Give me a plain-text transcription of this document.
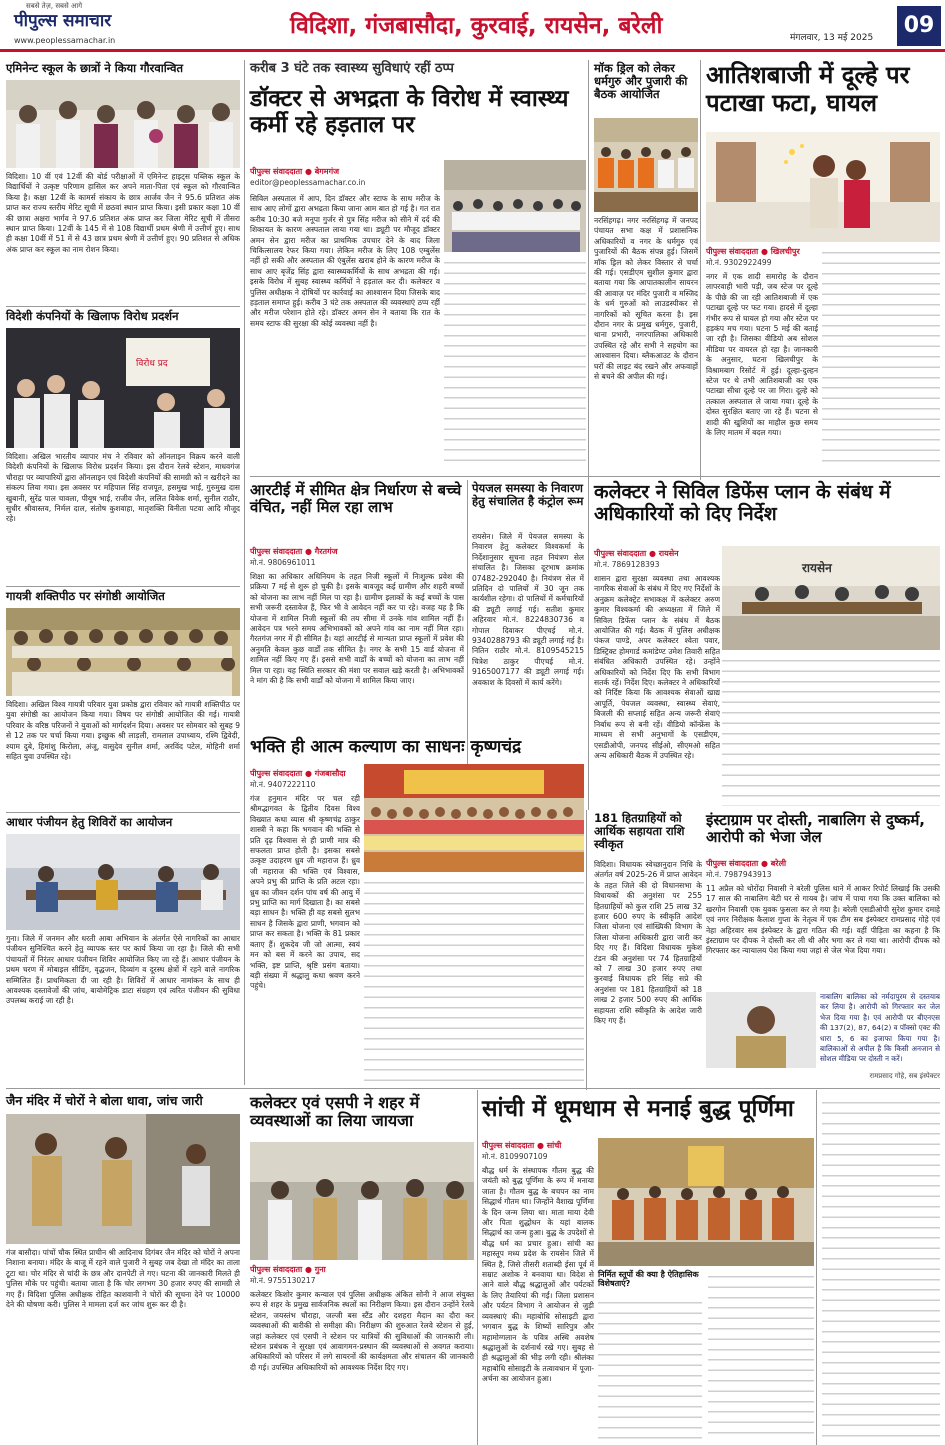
पीपुल्स समाचार
सबसे तेज़, सबसे आगे
www.peoplessamachar.in
विदिशा, गंजबासौदा, कुरवाई, रायसेन, बरेली	मंगलवार, 13 मई 2025	09
एमिनेन्ट स्कूल के छात्रों ने किया गौरवान्वित
विदिशा। 10 वीं एवं 12वीं की बोर्ड परीक्षाओं में एमिनेन्ट हाइट्स पब्लिक स्कूल के विद्यार्थियों ने उत्कृष्ट परिणाम हासिल कर अपने माता-पिता एवं स्कूल को गौरवान्वित किया है। कक्षा 12वीं के कामर्स संकाय के छात्र आर्जव जैन ने 95.6 प्रतिशत अंक प्राप्त कर राज्य स्तरीय मेरिट सूची में छठवां स्थान प्राप्त किया। इसी प्रकार कक्षा 10 वीं की छात्रा अक्षरा भार्गव ने 97.6 प्रतिशत अंक प्राप्त कर जिला मेरिट सूची में तीसरा स्थान प्राप्त किया। 12वीं के 145 में से 108 विद्यार्थी प्रथम श्रेणी में उत्तीर्ण हुए। साथ ही कक्षा 10वीं में 51 में से 43 छात्र प्रथम श्रेणी में उत्तीर्ण हुए। 90 प्रतिशत से अधिक अंक प्राप्त कर स्कूल का नाम रोशन किया।
विदेशी कंपनियों के खिलाफ विरोध प्रदर्शन
विरोध प्रद
विदिशा। अखिल भारतीय व्यापार मंच ने रविवार को ऑनलाइन विक्रय करने वाली विदेशी कंपनियों के खिलाफ विरोध प्रदर्शन किया। इस दौरान रेलवे स्टेशन, माधवगंज चौराहा पर व्यापारियों द्वारा ऑनलाइन एवं विदेशी कंपनियों की सामग्री को न खरीदने का संकल्प लिया गया। इस अवसर पर महिपाल सिंह राजपूत, हसमुख भाई, गुरुमुख दास खुबानी, सुरेंद्र पाल चावला, पीयूष भाई, राजीव जैन, ललित विवेक शर्मा, सुनील राठौर, सुधीर श्रीवास्तव, निर्मल दाल, संतोष कुशवाहा, मातृशक्ति विनीता पटवा आदि मौजूद रहे।
गायत्री शक्तिपीठ पर संगोष्ठी आयोजित
विदिशा। अखिल विश्व गायत्री परिवार युवा प्रकोष्ठ द्वारा रविवार को गायत्री शक्तिपीठ पर युवा संगोष्ठी का आयोजन किया गया। विषय पर संगोष्ठी आयोजित की गई। गायत्री परिवार के वरिष्ठ परिजनों ने युवाओं को मार्गदर्शन दिया। अवसर पर सोमवार को सुबह 9 से 12 तक पर चर्चा किया गया। इच्छुक श्री लाड़ली, रामलाल उपाध्याय, रश्मि द्विवेदी, श्याम दुबे, हिमांशु किरोला, अंजू, वासुदेव सुनील शर्मा, अरविंद पटेल, मोहिनी शर्मा सहित युवा उपस्थित रहे।
आधार पंजीयन हेतु शिविरों का आयोजन
गुना। जिले में जनमन और धरती आबा अभियान के अंतर्गत ऐसे नागरिकों का आधार पंजीयन सुनिश्चित करने हेतु व्यापक स्तर पर कार्य किया जा रहा है। जिले की सभी पंचायतों में निरंतर आधार पंजीयन शिविर आयोजित किए जा रहे हैं। आधार पंजीयन के प्रथम चरण में मोबाइल सीडिंग, वृद्धजन, दिव्यांग व दूरस्थ क्षेत्रों में रहने वाले नागरिक सम्मिलित हैं। प्राथमिकता दी जा रही है। शिविरों में आधार नामांकन के साथ ही आवश्यक दस्तावेजों की जांच, बायोमेट्रिक डाटा संग्रहण एवं त्वरित पंजीयन की सुविधा उपलब्ध कराई जा रही है।
करीब 3 घंटे तक स्वास्थ्य सुविधाएं रहीं ठप्प
डॉक्टर से अभद्रता के विरोध में स्वास्थ्य कर्मी रहे हड़ताल पर
पीपुल्स संवाददाता ● बेगमगंज
editor@peoplessamachar.co.in
सिविल अस्पताल में आप, दिन डॉक्टर और स्टाफ के साथ मरीज के साथ आए लोगों द्वारा अभद्रता किया जाना आम बात हो गई है। गत रात करीब 10:30 बजे मनूपा गुर्जर से पुत्र सिंह मरीज को सीने में दर्द की शिकायत के कारण अस्पताल लाया गया था। ड्यूटी पर मौजूद डॉक्टर अमन सेन द्वारा मरीज का प्राथमिक उपचार देने के बाद जिला चिकित्सालय रेफर किया गया। लेकिन मरीज के लिए 108 एम्बुलेंस नहीं हो सकी और अस्पताल की एंबुलेंस खराब होने के कारण मरीज के साथ आए बृजेंद्र सिंह द्वारा स्वास्थ्यकर्मियों के साथ अभद्रता की गई। इसके विरोध में सुबह स्वास्थ्य कर्मियों ने हड़ताल कर दी। कलेक्टर व पुलिस अधीक्षक ने दोषियों पर कार्रवाई का आश्वासन दिया जिसके बाद हड़ताल समाप्त हुई। करीब 3 घंटे तक अस्पताल की व्यवस्थाएं ठप्प रहीं और मरीज परेशान होते रहे। डॉक्टर अमन सेन ने बताया कि रात के समय स्टाफ की सुरक्षा की कोई व्यवस्था नहीं है।
मॉक ड्रिल को लेकर धर्मगुरु और पुजारी की बैठक आयोजित
नरसिंहगढ़। नगर नरसिंहगढ़ में जनपद पंचायत सभा कक्ष में प्रशासनिक अधिकारियों व नगर के धर्मगुरु एवं पुजारियों की बैठक संपन्न हुई। जिसमें मॉक ड्रिल को लेकर विस्तार से चर्चा की गई। एसडीएम सुशील कुमार द्वारा बताया गया कि आपातकालीन सायरन की आवाज़ पर मंदिर पुजारी व मस्जिद के धर्म गुरुओं को लाउडस्पीकर से नागरिकों को सूचित करना है। इस दौरान नगर के प्रमुख धर्मगुरु, पुजारी, थाना प्रभारी, नगरपालिका अधिकारी उपस्थित रहे और सभी ने सहयोग का आश्वासन दिया। ब्लैकआउट के दौरान घरों की लाइट बंद रखने और अफवाहों से बचने की अपील की गई।
आतिशबाजी में दूल्हे पर पटाखा फटा, घायल
पीपुल्स संवाददाता ● खिलचीपुर
मो.नं. 9302922499
नगर में एक शादी समारोह के दौरान लापरवाही भारी पड़ी, जब स्टेज पर दूल्हे के पीछे की जा रही आतिशबाजी में एक पटाखा दूल्हे पर फट गया। हादसे में दूल्हा गंभीर रूप से घायल हो गया और स्टेज पर हड़कंप मच गया। घटना 5 मई की बताई जा रही है। जिसका वीडियो अब सोशल मीडिया पर वायरल हो रहा है। जानकारी के अनुसार, घटना खिलचीपुर के विश्रामबाग रिसोर्ट में हुई। दूल्हा-दुल्हन स्टेज पर थे तभी आतिशबाजी का एक पटाखा सीधा दूल्हे पर जा गिरा। दूल्हे को तत्काल अस्पताल ले जाया गया। दूल्हे के दोस्त सुरक्षित बताए जा रहे हैं। घटना से शादी की खुशियों का माहौल कुछ समय के लिए मातम में बदल गया।
आरटीई में सीमित क्षेत्र निर्धारण से बच्चे वंचित, नहीं मिल रहा लाभ
पीपुल्स संवाददाता ● गैरतगंज
मो.नं. 9806961011
शिक्षा का अधिकार अधिनियम के तहत निजी स्कूलों में निःशुल्क प्रवेश की प्रक्रिया 7 मई से शुरू हो चुकी है। इसके बावजूद कई ग्रामीण और शहरी बच्चों को योजना का लाभ नहीं मिल पा रहा है। ग्रामीण इलाकों के कई बच्चों के पास सभी जरूरी दस्तावेज हैं, फिर भी वे आवेदन नहीं कर पा रहे। वजह यह है कि योजना में शामिल निजी स्कूलों की तय सीमा में उनके गांव शामिल नहीं हैं। आवेदन पत्र भरने समय अभिभावकों को अपने गांव का नाम नहीं मिल रहा। गैरतगंज नगर में ही सीमित है। यहां आरटीई से मान्यता प्राप्त स्कूलों में प्रवेश की अनुमति केवल कुछ वार्डों तक सीमित है। नगर के सभी 15 वार्ड योजना में शामिल नहीं किए गए हैं। इससे सभी वार्डों के बच्चों को योजना का लाभ नहीं मिल पा रहा। यह स्थिति सरकार की मंशा पर सवाल खड़े करती है। अभिभावकों ने मांग की है कि सभी वार्डों को योजना में शामिल किया जाए।
पेयजल समस्या के निवारण हेतु संचालित है कंट्रोल रूम
रायसेन। जिले में पेयजल समस्या के निवारण हेतु कलेक्टर विश्वकर्मा के निर्देशानुसार सूचना तहत नियंत्रण सेल संचालित है। जिसका दूरभाष क्रमांक 07482-292040 है। नियंत्रण सेल में प्रतिदिन दो पालियों में 30 जून तक कार्यशील रहेगा। दो पालियों में कर्मचारियों की ड्यूटी लगाई गई। सतीश कुमार अहिरवार मो.नं. 8224830736 व गोपाल दिवाकर पीएचई मो.नं. 9340288793 की ड्यूटी लगाई गई है। नितिन राठौर मो.नं. 8109545215 चित्रेश ठाकुर पीएचई मो.नं. 9165007177 की ड्यूटी लगाई गई। अवकाश के दिवसों में कार्य करेंगे।
कलेक्टर ने सिविल डिफेंस प्लान के संबंध में अधिकारियों को दिए निर्देश
पीपुल्स संवाददाता ● रायसेन
मो.नं. 7869128393	रायसेन
शासन द्वारा सुरक्षा व्यवस्था तथा आवश्यक नागरिक सेवाओं के संबंध में दिए गए निर्देशों के अनुक्रम कलेक्ट्रेट सभाकक्ष में कलेक्टर अरुण कुमार विश्वकर्मा की अध्यक्षता में जिले में सिविल डिफेंस प्लान के संबंध में बैठक आयोजित की गई। बैठक में पुलिस अधीक्षक पंकज पाण्डे, अपर कलेक्टर श्वेता पवार, डिस्ट्रिक्ट होमगार्ड कमांडेण्ट उमेश तिवारी सहित संबंधित अधिकारी उपस्थित रहे। उन्होंने अधिकारियों को निर्देश दिए कि सभी विभाग सतर्क रहें। निर्देश दिए। कलेक्टर ने अधिकारियों को निर्दिष्ट किया कि आवश्यक सेवाओं खाद्य आपूर्ति, पेयजल व्यवस्था, स्वास्थ्य सेवाएं, बिजली की सप्लाई सहित अन्य जरूरी सेवाएं निर्बाध रूप से बनी रहें। वीडियो कॉन्फ्रेंस के माध्यम से सभी अनुभागों के एसडीएम, एसडीओपी, जनपद सीईओ, सीएमओ सहित अन्य अधिकारी बैठक में उपस्थित रहे।
भक्ति ही आत्म कल्याण का साधनः कृष्णचंद्र
पीपुल्स संवाददाता ● गंजबासौदा
मो.नं. 9407222110
गंज हनुमान मंदिर पर चल रही श्रीमद्भागवत के द्वितीय दिवस विश्व विख्यात कथा व्यास श्री कृष्णचंद्र ठाकुर शास्त्री ने कहा कि भगवान की भक्ति से प्रति दृढ़ विश्वास से ही प्राणी मात्र की सफलता प्राप्त होती है। इसका सबसे उत्कृष्ट उदाहरण ध्रुव जी महाराज हैं। ध्रुव जी महाराज की भक्ति एवं विश्वास, अपने प्रभु की प्राप्ति के प्रति अटल रहा। ध्रुव का जीवन दर्शन पांच वर्ष की आयु में प्रभु प्राप्ति का मार्ग दिखाता है। का सबसे बड़ा साधन है। भक्ति ही वह सबसे सुलभ साधन है जिसके द्वारा प्राणी, भगवान को प्राप्त कर सकता है। भक्ति के 81 प्रकार बताए हैं। शुकदेव जी जो आत्मा, स्वयं मन को बस में करने का उपाय, सद भक्ति, इष्ट प्राप्ति, श्रृष्टि प्रसंग बताया। बड़ी संख्या में श्रद्धालु कथा श्रवण करने पहुंचे।
181 हितग्राहियों को आर्थिक सहायता राशि स्वीकृत
विदिशा। विधायक स्वेच्छानुदान निधि के अंतर्गत वर्ष 2025-26 में प्राप्त आवेदन के तहत जिले की दो विधानसभा के विधायकों की अनुशंसा पर 255 हितग्राहियों को कुल राशि 25 लाख 32 हजार 600 रुपए के स्वीकृति आदेश जिला योजना एवं सांख्यिकी विभाग के जिला योजना अधिकारी द्वारा जारी कर दिए गए हैं। विदिशा विधायक मुकेश टंडन की अनुशंसा पर 74 हितग्राहियों को 7 लाख 30 हजार रुपए तथा कुरवाई विधायक हरि सिंह सप्रे की अनुशंसा पर 181 हितग्राहियों को 18 लाख 2 हजार 500 रुपए की आर्थिक सहायता राशि स्वीकृति के आदेश जारी किए गए हैं।
इंस्टाग्राम पर दोस्ती, नाबालिग से दुष्कर्म, आरोपी को भेजा जेल
पीपुल्स संवाददाता ● बरेली
मो.नं. 7987943913
11 अप्रैल को थोरोंदा निवासी ने बरेली पुलिस थाने में आकर रिपोर्ट लिखाई कि उसकी 17 साल की नाबालिग बेटी घर से गायब है। जांच में पाया गया कि उक्त बालिका को खरगोन निवासी एक युवक फुसला कर ले गया है। बरेली एसडीओपी सुरेश कुमार दमाहे एवं नगर निरीक्षक कैलाश गुप्ता के नेतृत्व में एक टीम सब इंस्पेक्टर रामप्रसाद गोहे एवं नेहा अहिरवार सब इंस्पेक्टर के द्वारा गठित की गई। वहीं पीड़िता का कहना है कि इंस्टाग्राम पर दीपक ने दोस्ती कर ली थी और भगा कर ले गया था। आरोपी दीपक को गिरफ्तार कर न्यायालय पेश किया गया जहां से जेल भेज दिया गया।
नाबालिग बालिका को नर्मदापुरम से दस्तयाब कर लिया है। आरोपी को गिरफ्तार कर जेल भेज दिया गया है। एवं आरोपी पर बीएनएस की 137(2), 87, 64(2) व पॉक्सो एक्ट की धारा 5, 6 का इजाफा किया गया है। बालिकाओं से अपील है कि किसी अनजान से सोशल मीडिया पर दोस्ती न करें।
रामप्रसाद गोहे, सब इंस्पेक्टर
जैन मंदिर में चोरों ने बोला धावा, जांच जारी
गंज बासौदा। पांचों चौक स्थित प्राचीन श्री आदिनाथ दिगंबर जैन मंदिर को चोरों ने अपना निशाना बनाया। मंदिर के बाजू में रहने वाले पुजारी ने सुबह जब देखा तो मंदिर का ताला टूटा था। चोर मंदिर से चांदी के छत्र और दानपेटी ले गए। घटना की जानकारी मिलते ही पुलिस मौके पर पहुंची। बताया जाता है कि चोर लगभग 30 हजार रुपए की सामग्री ले गए हैं। विदिशा पुलिस अधीक्षक रोहित काशवानी ने चोरों की सूचना देने पर 10000 देने की घोषणा करी। पुलिस ने मामला दर्ज कर जांच शुरू कर दी है।
कलेक्टर एवं एसपी ने शहर में व्यवस्थाओं का लिया जायजा
पीपुल्स संवाददाता ● गुना
मो.नं. 9755130217
कलेक्टर किशोर कुमार कन्याल एवं पुलिस अधीक्षक अंकित सोनी ने आज संयुक्त रूप से शहर के प्रमुख सार्वजनिक स्थलों का निरीक्षण किया। इस दौरान उन्होंने रेलवे स्टेशन, जयस्तंभ चौराहा, जल्जी बस स्टैंड और दशहरा मैदान का दौरा कर व्यवस्थाओं की बारीकी से समीक्षा की। निरीक्षण की शुरुआत रेलवे स्टेशन से हुई, जहां कलेक्टर एवं एसपी ने स्टेशन पर यात्रियों की सुविधाओं की जानकारी ली। स्टेशन प्रबंधक ने सुरक्षा एवं आवागमन-प्रस्थान की व्यवस्थाओं से अवगत कराया। अधिकारियों को परिसर में लगे सायरनों की कार्यक्षमता और संचालन की जानकारी दी गई। उपस्थित अधिकारियों को आवश्यक निर्देश दिए गए।
सांची में धूमधाम से मनाई बुद्ध पूर्णिमा
पीपुल्स संवाददाता ● सांची
मो.नं. 8109907109
बौद्ध धर्म के संस्थापक गौतम बुद्ध की जयंती को बुद्ध पूर्णिमा के रूप में मनाया जाता है। गौतम बुद्ध के बचपन का नाम सिद्धार्थ गौतम था। जिन्होंने वैशाख पूर्णिमा के दिन जन्म लिया था। माता माया देवी और पिता शुद्धोधन के यहां बालक सिद्धार्थ का जन्म हुआ। बुद्ध के उपदेशों से बौद्ध धर्म का प्रचार हुआ। सांची का महास्तूप मध्य प्रदेश के रायसेन जिले में स्थित है, जिसे तीसरी शताब्दी ईसा पूर्व में सम्राट अशोक ने बनवाया था। विदेश से आने वाले बौद्ध श्रद्धालुओं और पर्यटकों के लिए तैयारियां की गईं। जिला प्रशासन और पर्यटन विभाग ने आयोजन से जुड़ी व्यवस्थाएं की। महाबोधि सोसाइटी द्वारा भगवान बुद्ध के शिष्यों सारिपुत्र और महामोग्गलान के पवित्र अस्थि अवशेष श्रद्धालुओं के दर्शनार्थ रखे गए। सुबह से ही श्रद्धालुओं की भीड़ लगी रही। श्रीलंका महाबोधि सोसाइटी के तत्वावधान में पूजा-अर्चना का आयोजन हुआ।
निर्मित स्तूपों की क्या है ऐतिहासिक विशेषताएं?
